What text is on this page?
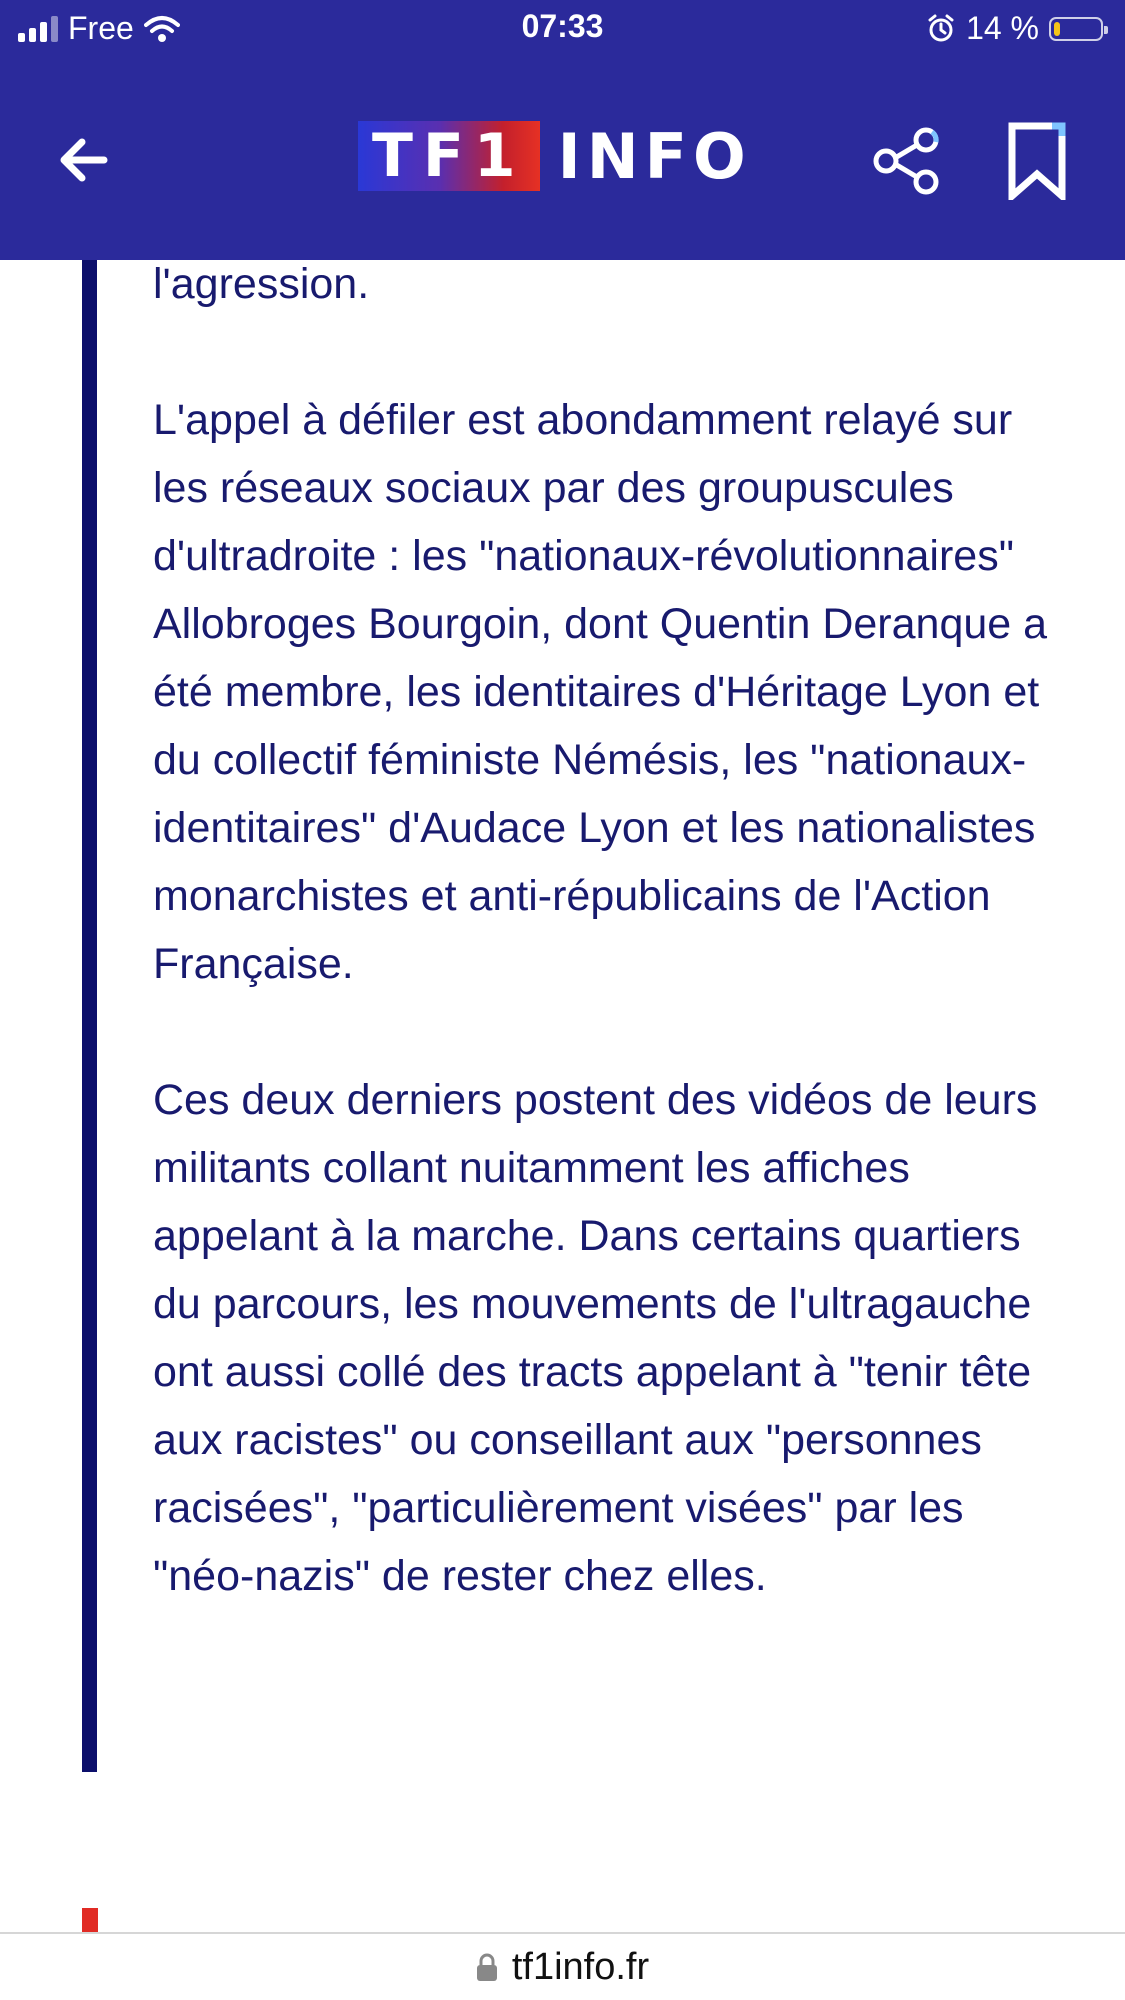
Free	07:33	14 %
TF1 INFO

l'agression.

L'appel à défiler est abondamment relayé sur les réseaux sociaux par des groupuscules d'ultradroite : les "nationaux-révolutionnaires" Allobroges Bourgoin, dont Quentin Deranque a été membre, les identitaires d'Héritage Lyon et du collectif féministe Némésis, les "nationaux-identitaires" d'Audace Lyon et les nationalistes monarchistes et anti-républicains de l'Action Française.

Ces deux derniers postent des vidéos de leurs militants collant nuitamment les affiches appelant à la marche. Dans certains quartiers du parcours, les mouvements de l'ultragauche ont aussi collé des tracts appelant à "tenir tête aux racistes" ou conseillant aux "personnes racisées", "particulièrement visées" par les "néo-nazis" de rester chez elles.

tf1info.fr
